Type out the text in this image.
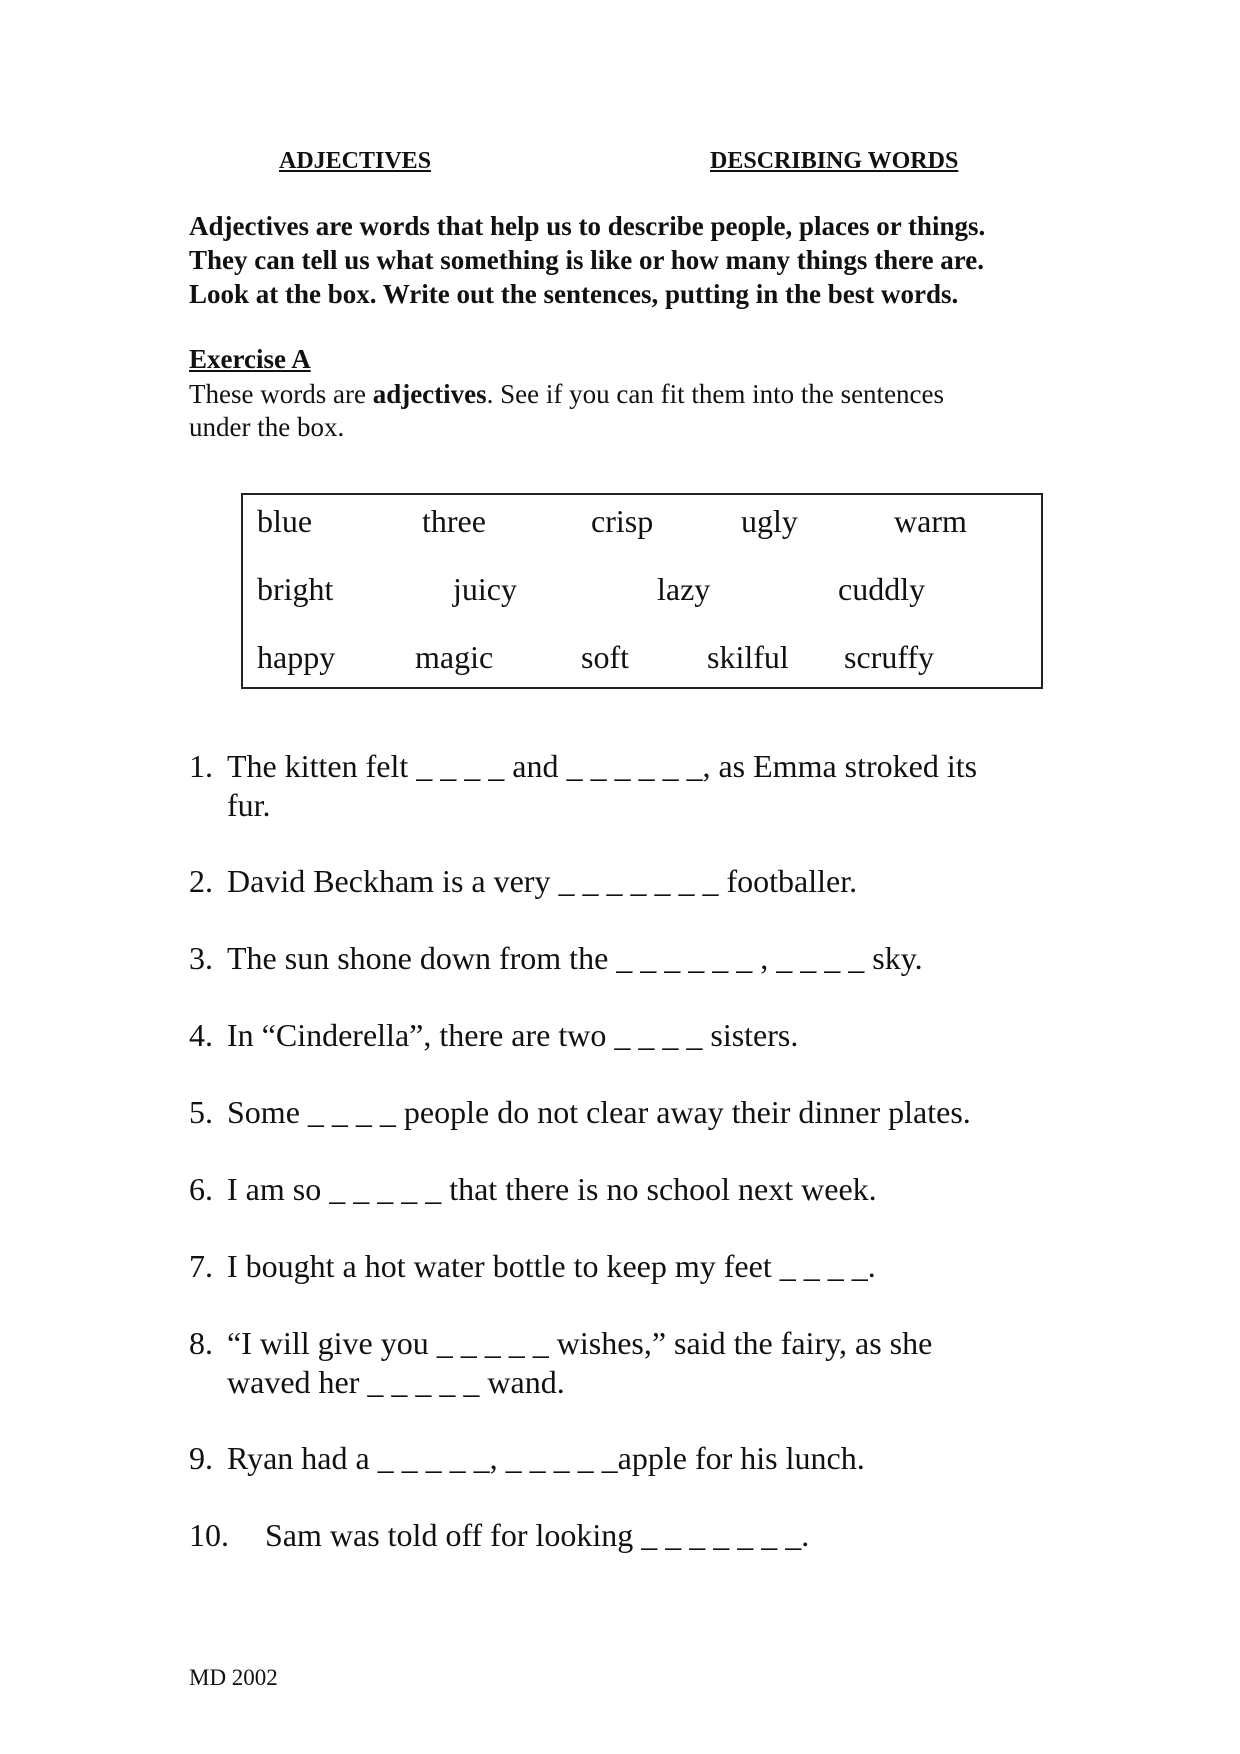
ADJECTIVES	DESCRIBING WORDS
Adjectives are words that help us to describe people, places or things.
They can tell us what something is like or how many things there are.
Look at the box. Write out the sentences, putting in the best words.
Exercise A
These words are adjectives. See if you can fit them into the sentences
under the box.
blue	three	crisp	ugly	warm
bright	juicy	lazy	cuddly
happy magic	soft skilful scruffy
1. The kitten felt _ _ _ _ and _ _ _ _ _ _, as Emma stroked its
fur.
2. David Beckham is a very _ _ _ _ _ _ _ footballer.
3. The sun shone down from the _ _ _ _ _ _ , _ _ _ _ sky.
4. In “Cinderella”, there are two _ _ _ _ sisters.
5. Some _ _ _ _ people do not clear away their dinner plates.
6. I am so _ _ _ _ _ that there is no school next week.
7. I bought a hot water bottle to keep my feet _ _ _ _.
8. “I will give you _ _ _ _ _ wishes,” said the fairy, as she
waved her _ _ _ _ _ wand.
9. Ryan had a _ _ _ _ _, _ _ _ _ _apple for his lunch.
10. Sam was told off for looking _ _ _ _ _ _ _.
MD 2002
